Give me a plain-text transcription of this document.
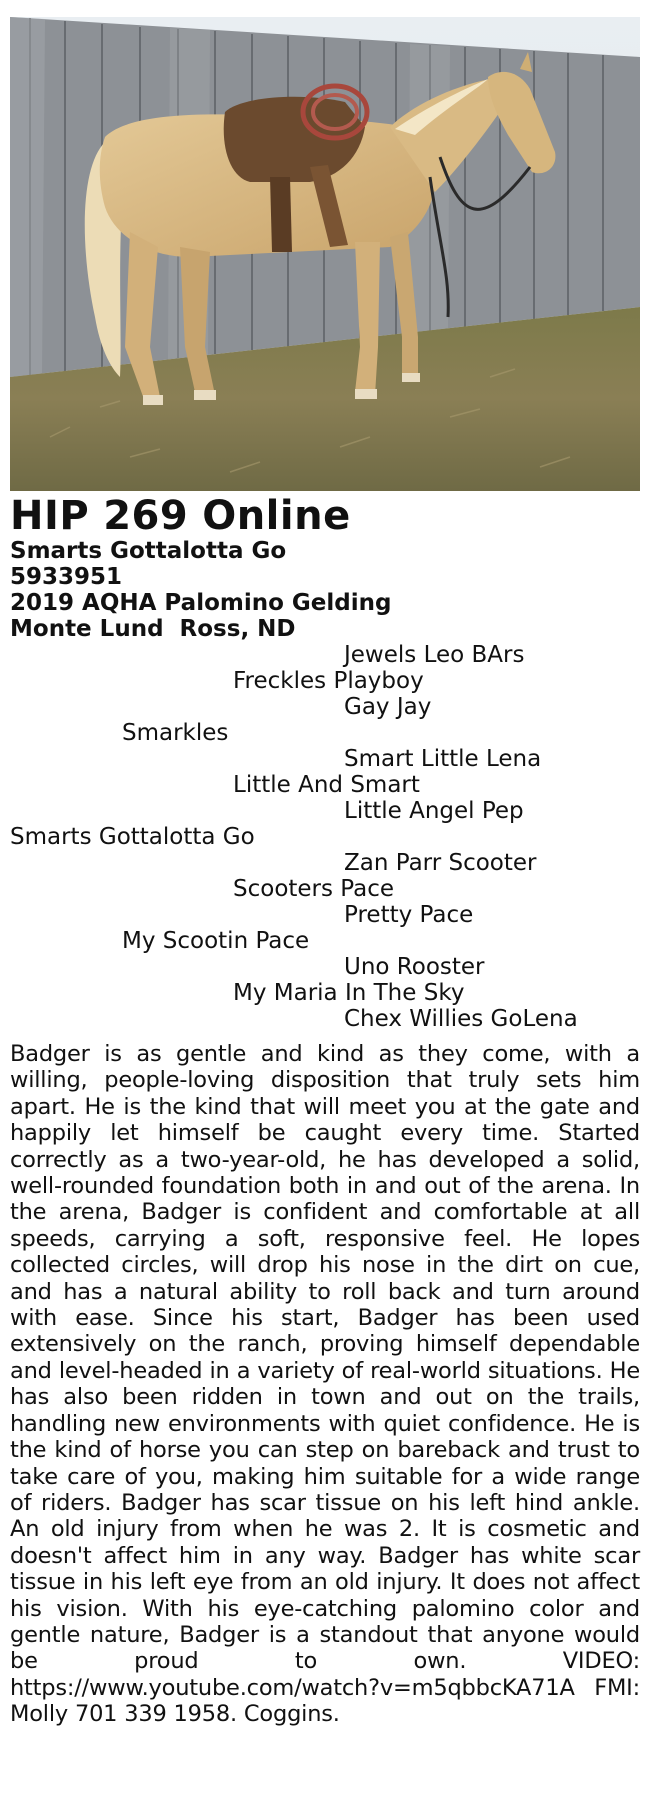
HIP 269 Online
Smarts Gottalotta Go
5933951
2019 AQHA Palomino Gelding
Monte Lund  Ross, ND
Jewels Leo BArs
Freckles Playboy
Gay Jay
Smarkles
Smart Little Lena
Little And Smart
Little Angel Pep
Smarts Gottalotta Go
Zan Parr Scooter
Scooters Pace
Pretty Pace
My Scootin Pace
Uno Rooster
My Maria In The Sky
Chex Willies GoLena
Badger is as gentle and kind as they come, with a willing, people-loving disposition that truly sets him apart. He is the kind that will meet you at the gate and happily let himself be caught every time. Started correctly as a two-year-old, he has developed a solid, well-rounded foundation both in and out of the arena. In the arena, Badger is confident and comfortable at all speeds, carrying a soft, responsive feel. He lopes collected circles, will drop his nose in the dirt on cue, and has a natural ability to roll back and turn around with ease. Since his start, Badger has been used extensively on the ranch, proving himself dependable and level-headed in a variety of real-world situations. He has also been ridden in town and out on the trails, handling new environments with quiet confidence. He is the kind of horse you can step on bareback and trust to take care of you, making him suitable for a wide range of riders. Badger has scar tissue on his left hind ankle. An old injury from when he was 2. It is cosmetic and doesn't affect him in any way. Badger has white scar tissue in his left eye from an old injury. It does not affect his vision. With his eye-catching palomino color and gentle nature, Badger is a standout that anyone would be proud to own. VIDEO: https://www.youtube.com/watch?v=m5qbbcKA71A FMI: Molly 701 339 1958. Coggins.
